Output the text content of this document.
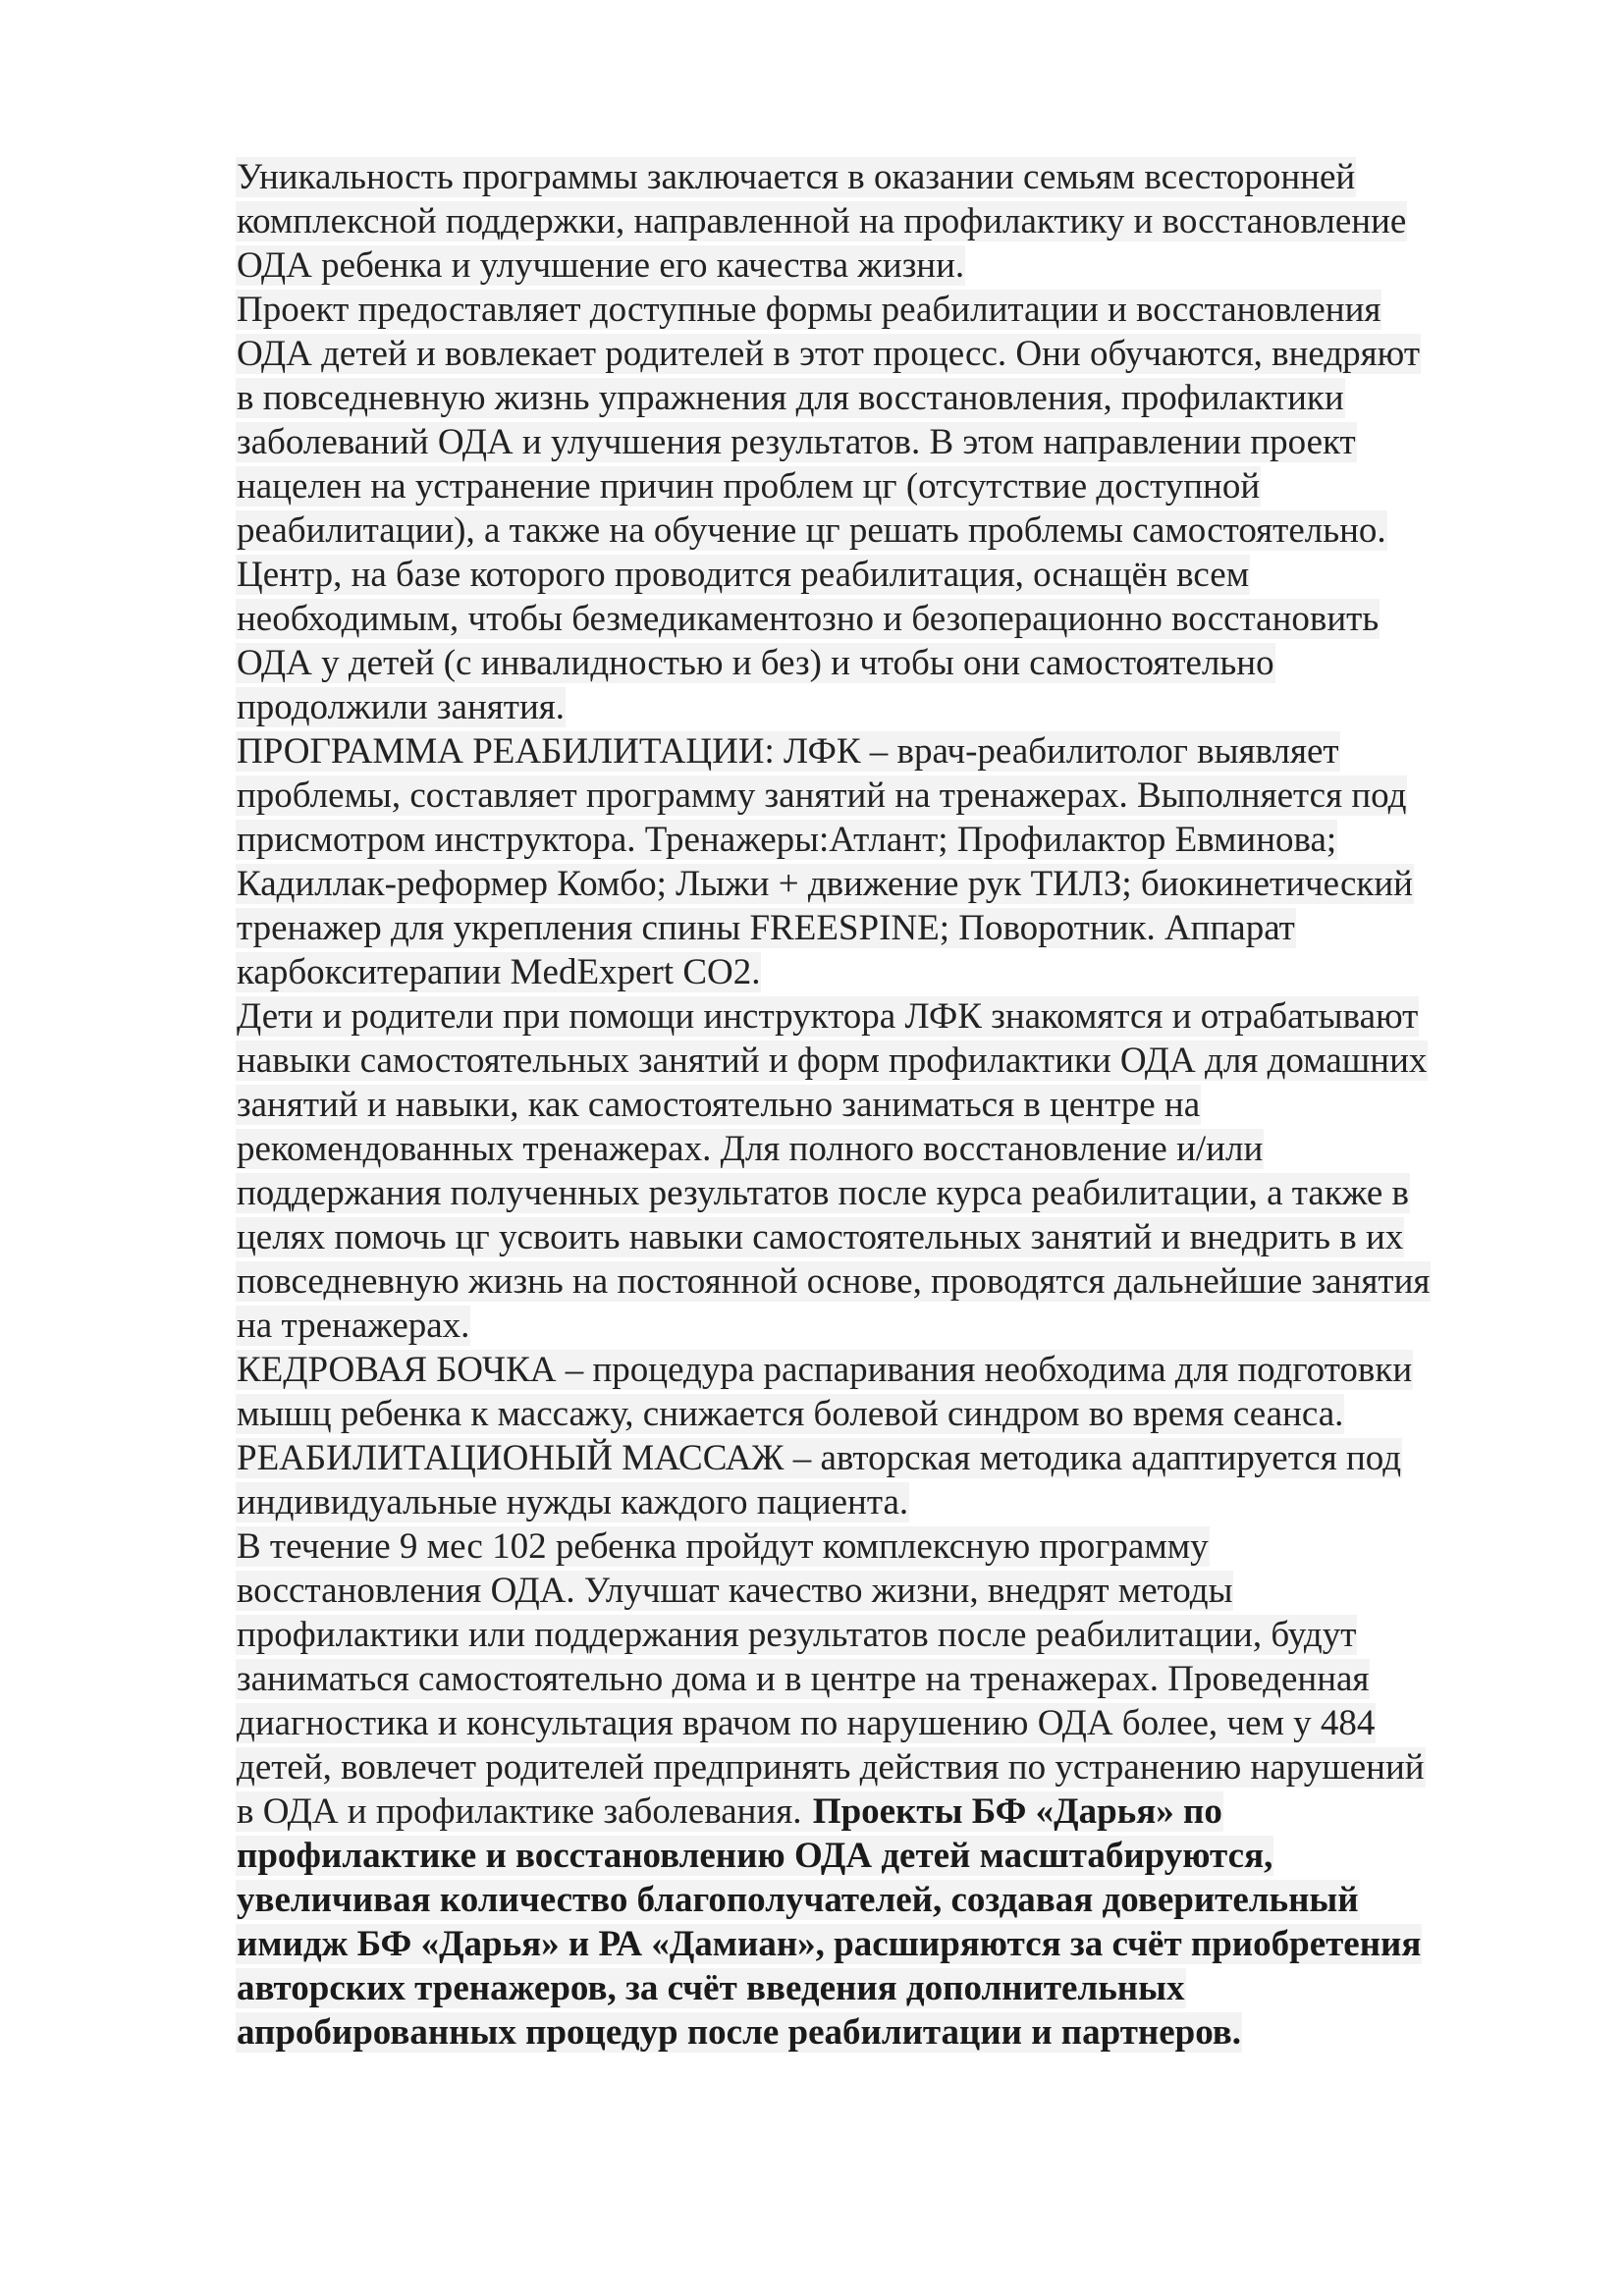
Уникальность программы заключается в оказании семьям всесторонней
комплексной поддержки, направленной на профилактику и восстановление
ОДА ребенка и улучшение его качества жизни.
Проект предоставляет доступные формы реабилитации и восстановления
ОДА детей и вовлекает родителей в этот процесс. Они обучаются, внедряют
в повседневную жизнь упражнения для восстановления, профилактики
заболеваний ОДА и улучшения результатов. В этом направлении проект
нацелен на устранение причин проблем цг (отсутствие доступной
реабилитации), а также на обучение цг решать проблемы самостоятельно.
Центр, на базе которого проводится реабилитация, оснащён всем
необходимым, чтобы безмедикаментозно и безоперационно восстановить
ОДА у детей (с инвалидностью и без) и чтобы они самостоятельно
продолжили занятия.
ПРОГРАММА РЕАБИЛИТАЦИИ: ЛФК – врач-реабилитолог выявляет
проблемы, составляет программу занятий на тренажерах. Выполняется под
присмотром инструктора. Тренажеры:Атлант; Профилактор Евминова;
Кадиллак-реформер Комбо; Лыжи + движение рук ТИЛЗ; биокинетический
тренажер для укрепления спины FREESPINE; Поворотник. Аппарат
карбокситерапии MedExpert CO2.
Дети и родители при помощи инструктора ЛФК знакомятся и отрабатывают
навыки самостоятельных занятий и форм профилактики ОДА для домашних
занятий и навыки, как самостоятельно заниматься в центре на
рекомендованных тренажерах. Для полного восстановление и/или
поддержания полученных результатов после курса реабилитации, а также в
целях помочь цг усвоить навыки самостоятельных занятий и внедрить в их
повседневную жизнь на постоянной основе, проводятся дальнейшие занятия
на тренажерах.
КЕДРОВАЯ БОЧКА – процедура распаривания необходима для подготовки
мышц ребенка к массажу, снижается болевой синдром во время сеанса.
РЕАБИЛИТАЦИОНЫЙ МАССАЖ – авторская методика адаптируется под
индивидуальные нужды каждого пациента.
В течение 9 мес 102 ребенка пройдут комплексную программу
восстановления ОДА. Улучшат качество жизни, внедрят методы
профилактики или поддержания результатов после реабилитации, будут
заниматься самостоятельно дома и в центре на тренажерах. Проведенная
диагностика и консультация врачом по нарушению ОДА более, чем у 484
детей, вовлечет родителей предпринять действия по устранению нарушений
в ОДА и профилактике заболевания. Проекты БФ «Дарья» по
профилактике и восстановлению ОДА детей масштабируются,
увеличивая количество благополучателей, создавая доверительный
имидж БФ «Дарья» и РА «Дамиан», расширяются за счёт приобретения
авторских тренажеров, за счёт введения дополнительных
апробированных процедур после реабилитации и партнеров.
